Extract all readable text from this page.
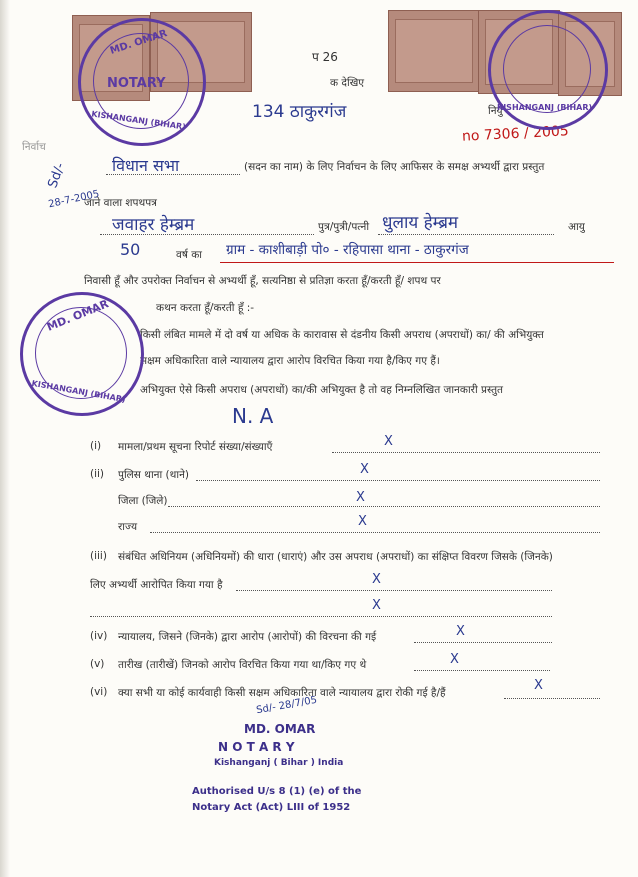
प 26
क देखिए
134 ठाकुरगंज	नियु
no 7306 / 2005
निर्वाच
MD. OMAR
NOTARY
KISHANGANJ (BIHAR)
KISHANGANJ (BIHAR)
विधान सभा	(सदन का नाम) के लिए निर्वाचन के लिए आफिसर के समक्ष अभ्यर्थी द्वारा प्रस्तुत
जाने वाला शपथपत्र
Sd/-
28-7-2005
जवाहर हेम्ब्रम	पुत्र/पुत्री/पत्नी धुलाय हेम्ब्रम	आयु
50	वर्ष का ग्राम - काशीबाड़ी पो० - रहिपासा थाना - ठाकुरगंज
निवासी हूँ और उपरोक्त निर्वाचन से अभ्यर्थी हूँ, सत्यनिष्ठा से प्रतिज्ञा करता हूँ/करती हूँ/ शपथ पर
कथन करता हूँ/करती हूँ :-
किसी लंबित मामले में दो वर्ष या अधिक के कारावास से दंडनीय किसी अपराध (अपराधों) का/ की अभियुक्त
सक्षम अधिकारिता वाले न्यायालय द्वारा आरोप विरचित किया गया है/किए गए हैं।
अभियुक्त ऐसे किसी अपराध (अपराधों) का/की अभियुक्त है तो वह निम्नलिखित जानकारी प्रस्तुत
MD. OMAR
KISHANGANJ (BIHAR)
N. A
(i) मामला/प्रथम सूचना रिपोर्ट संख्या/संख्याएँ	X
(ii) पुलिस थाना (थाने)	X
जिला (जिले)	X
राज्य	X
(iii) संबंधित अधिनियम (अधिनियमों) की धारा (धाराएं) और उस अपराध (अपराधों) का संक्षिप्त विवरण जिसके (जिनके)
लिए अभ्यर्थी आरोपित किया गया है	X
X
(iv) न्यायालय, जिसने (जिनके) द्वारा आरोप (आरोपों) की विरचना की गई	X
(v) तारीख (तारीखें) जिनको आरोप विरचित किया गया था/किए गए थे	X
(vi) क्या सभी या कोई कार्यवाही किसी सक्षम अधिकारिता वाले न्यायालय द्वारा रोकी गई है/हैं	X
Sd/- 28/7/05
MD. OMAR
N O T A R Y
Kishanganj ( Bihar ) India
Authorised U/s 8 (1) (e) of the
Notary Act (Act) LIII of 1952
